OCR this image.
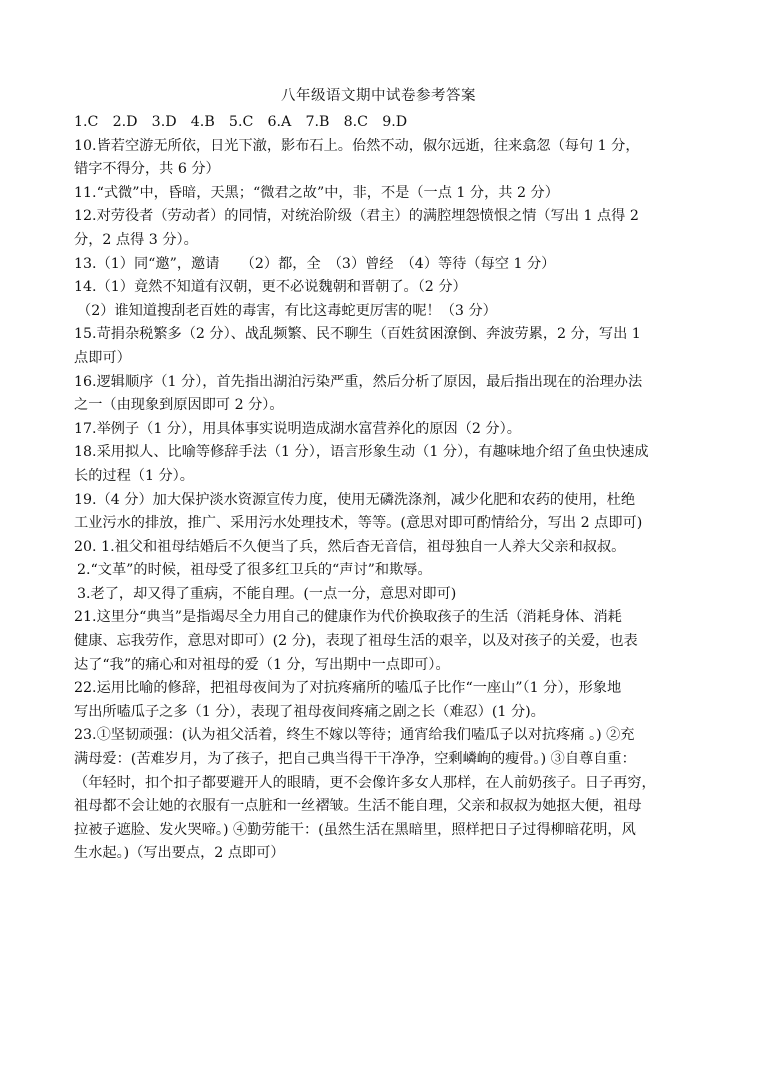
八年级语文期中试卷参考答案
1.C　2.D　3.D　4.B　5.C　6.A　7.B　8.C　9.D
10.皆若空游无所依，日光下澈，影布石上。佁然不动，俶尔远逝，往来翕忽（每句 1 分，
错字不得分，共 6 分）
11.“式微”中，昏暗，天黑；“微君之故”中，非，不是（一点 1 分，共 2 分）
12.对劳役者（劳动者）的同情，对统治阶级（君主）的满腔埋怨愤恨之情（写出 1 点得 2
分，2 点得 3 分）。
13.（1）同“邀”，邀请　　（2）都，全　（3）曾经　（4）等待（每空 1 分）
14.（1）竟然不知道有汉朝，更不必说魏朝和晋朝了。（2 分）
（2）谁知道搜刮老百姓的毒害，有比这毒蛇更厉害的呢！（3 分）
15.苛捐杂税繁多（2 分）、战乱频繁、民不聊生（百姓贫困潦倒、奔波劳累，2 分，写出 1
点即可）
16.逻辑顺序（1 分），首先指出湖泊污染严重，然后分析了原因，最后指出现在的治理办法
之一（由现象到原因即可 2 分）。
17.举例子（1 分），用具体事实说明造成湖水富营养化的原因（2 分）。
18.采用拟人、比喻等修辞手法（1 分），语言形象生动（1 分），有趣味地介绍了鱼虫快速成
长的过程（1 分）。
19.（4 分）加大保护淡水资源宣传力度，使用无磷洗涤剂，减少化肥和农药的使用，杜绝
工业污水的排放，推广、采用污水处理技术，等等。(意思对即可酌情给分，写出 2 点即可)
20. 1.祖父和祖母结婚后不久便当了兵，然后杳无音信，祖母独自一人养大父亲和叔叔。
2.“文革”的时候，祖母受了很多红卫兵的“声讨”和欺辱。
3.老了，却又得了重病，不能自理。(一点一分，意思对即可)
21.这里分“典当”是指竭尽全力用自己的健康作为代价换取孩子的生活（消耗身体、消耗
健康、忘我劳作，意思对即可）(2 分)，表现了祖母生活的艰辛，以及对孩子的关爱，也表
达了“我”的痛心和对祖母的爱（1 分，写出期中一点即可）。
22.运用比喻的修辞，把祖母夜间为了对抗疼痛所的嗑瓜子比作“一座山”（1 分），形象地
写出所嗑瓜子之多（1 分），表现了祖母夜间疼痛之剧之长（难忍）(1 分)。
23.①坚韧顽强：(认为祖父活着，终生不嫁以等待；通宵给我们嗑瓜子以对抗疼痛 。) ②充
满母爱：(苦难岁月，为了孩子，把自己典当得干干净净，空剩嶙峋的瘦骨。) ③自尊自重：
（年轻时，扣个扣子都要避开人的眼睛，更不会像许多女人那样，在人前奶孩子。日子再穷，
祖母都不会让她的衣服有一点脏和一丝褶皱。生活不能自理，父亲和叔叔为她抠大便，祖母
拉被子遮脸、发火哭啼。) ④勤劳能干：(虽然生活在黑暗里，照样把日子过得柳暗花明，风
生水起。)（写出要点，2 点即可）
